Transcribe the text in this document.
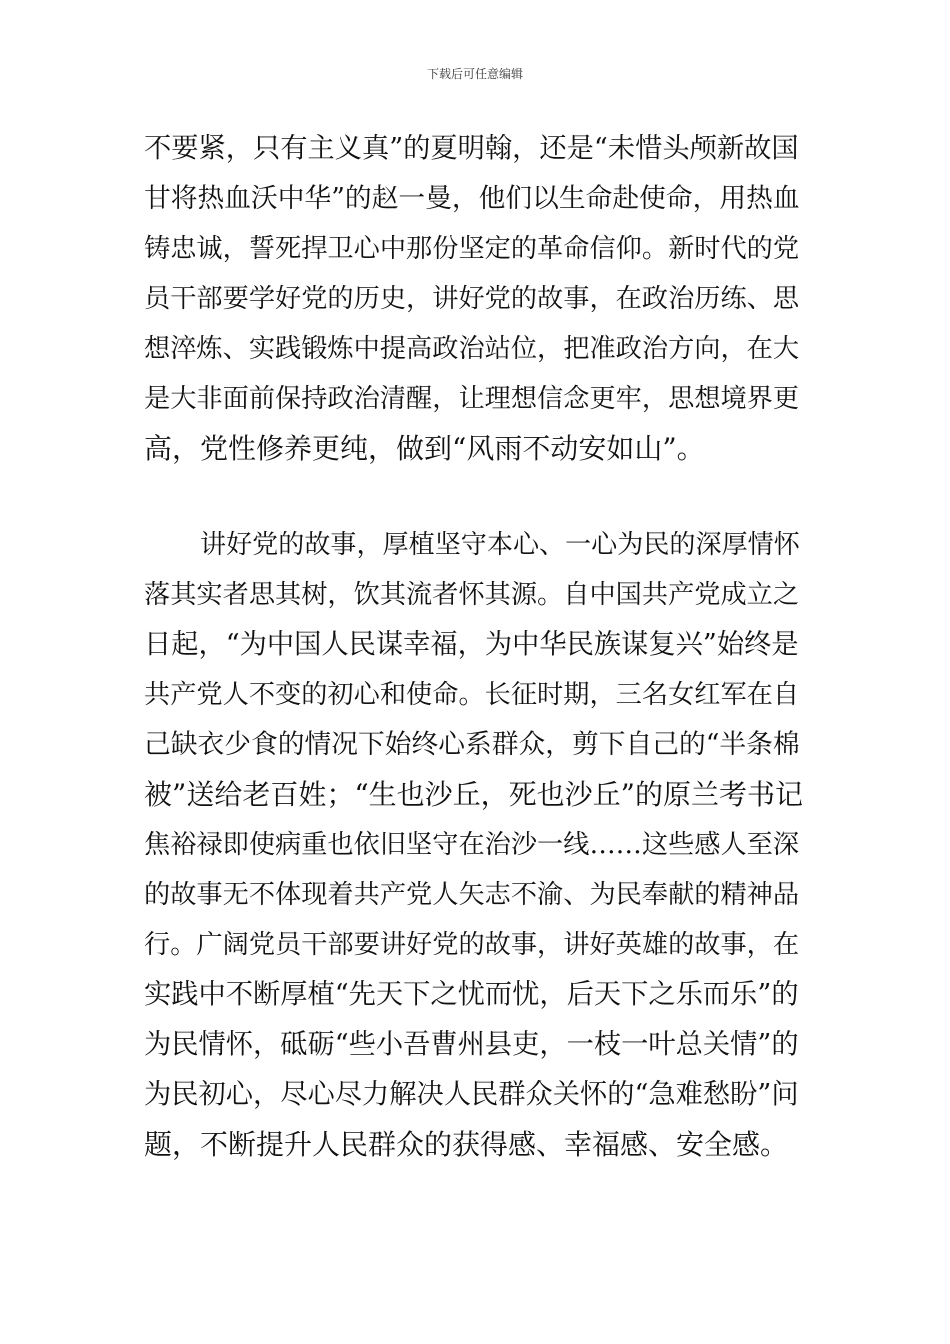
下载后可任意编辑
不要紧，只有主义真”的夏明翰，还是“未惜头颅新故国
甘将热血沃中华”的赵一曼，他们以生命赴使命，用热血
铸忠诚，誓死捍卫心中那份坚定的革命信仰。新时代的党
员干部要学好党的历史，讲好党的故事，在政治历练、思
想淬炼、实践锻炼中提高政治站位，把准政治方向，在大
是大非面前保持政治清醒，让理想信念更牢，思想境界更
高，党性修养更纯，做到“风雨不动安如山”。
讲好党的故事，厚植坚守本心、一心为民的深厚情怀
落其实者思其树，饮其流者怀其源。自中国共产党成立之
日起，“为中国人民谋幸福，为中华民族谋复兴”始终是
共产党人不变的初心和使命。长征时期，三名女红军在自
己缺衣少食的情况下始终心系群众，剪下自己的“半条棉
被”送给老百姓；“生也沙丘，死也沙丘”的原兰考书记
焦裕禄即使病重也依旧坚守在治沙一线……这些感人至深
的故事无不体现着共产党人矢志不渝、为民奉献的精神品
行。广阔党员干部要讲好党的故事，讲好英雄的故事，在
实践中不断厚植“先天下之忧而忧，后天下之乐而乐”的
为民情怀，砥砺“些小吾曹州县吏，一枝一叶总关情”的
为民初心，尽心尽力解决人民群众关怀的“急难愁盼”问
题，不断提升人民群众的获得感、幸福感、安全感。
